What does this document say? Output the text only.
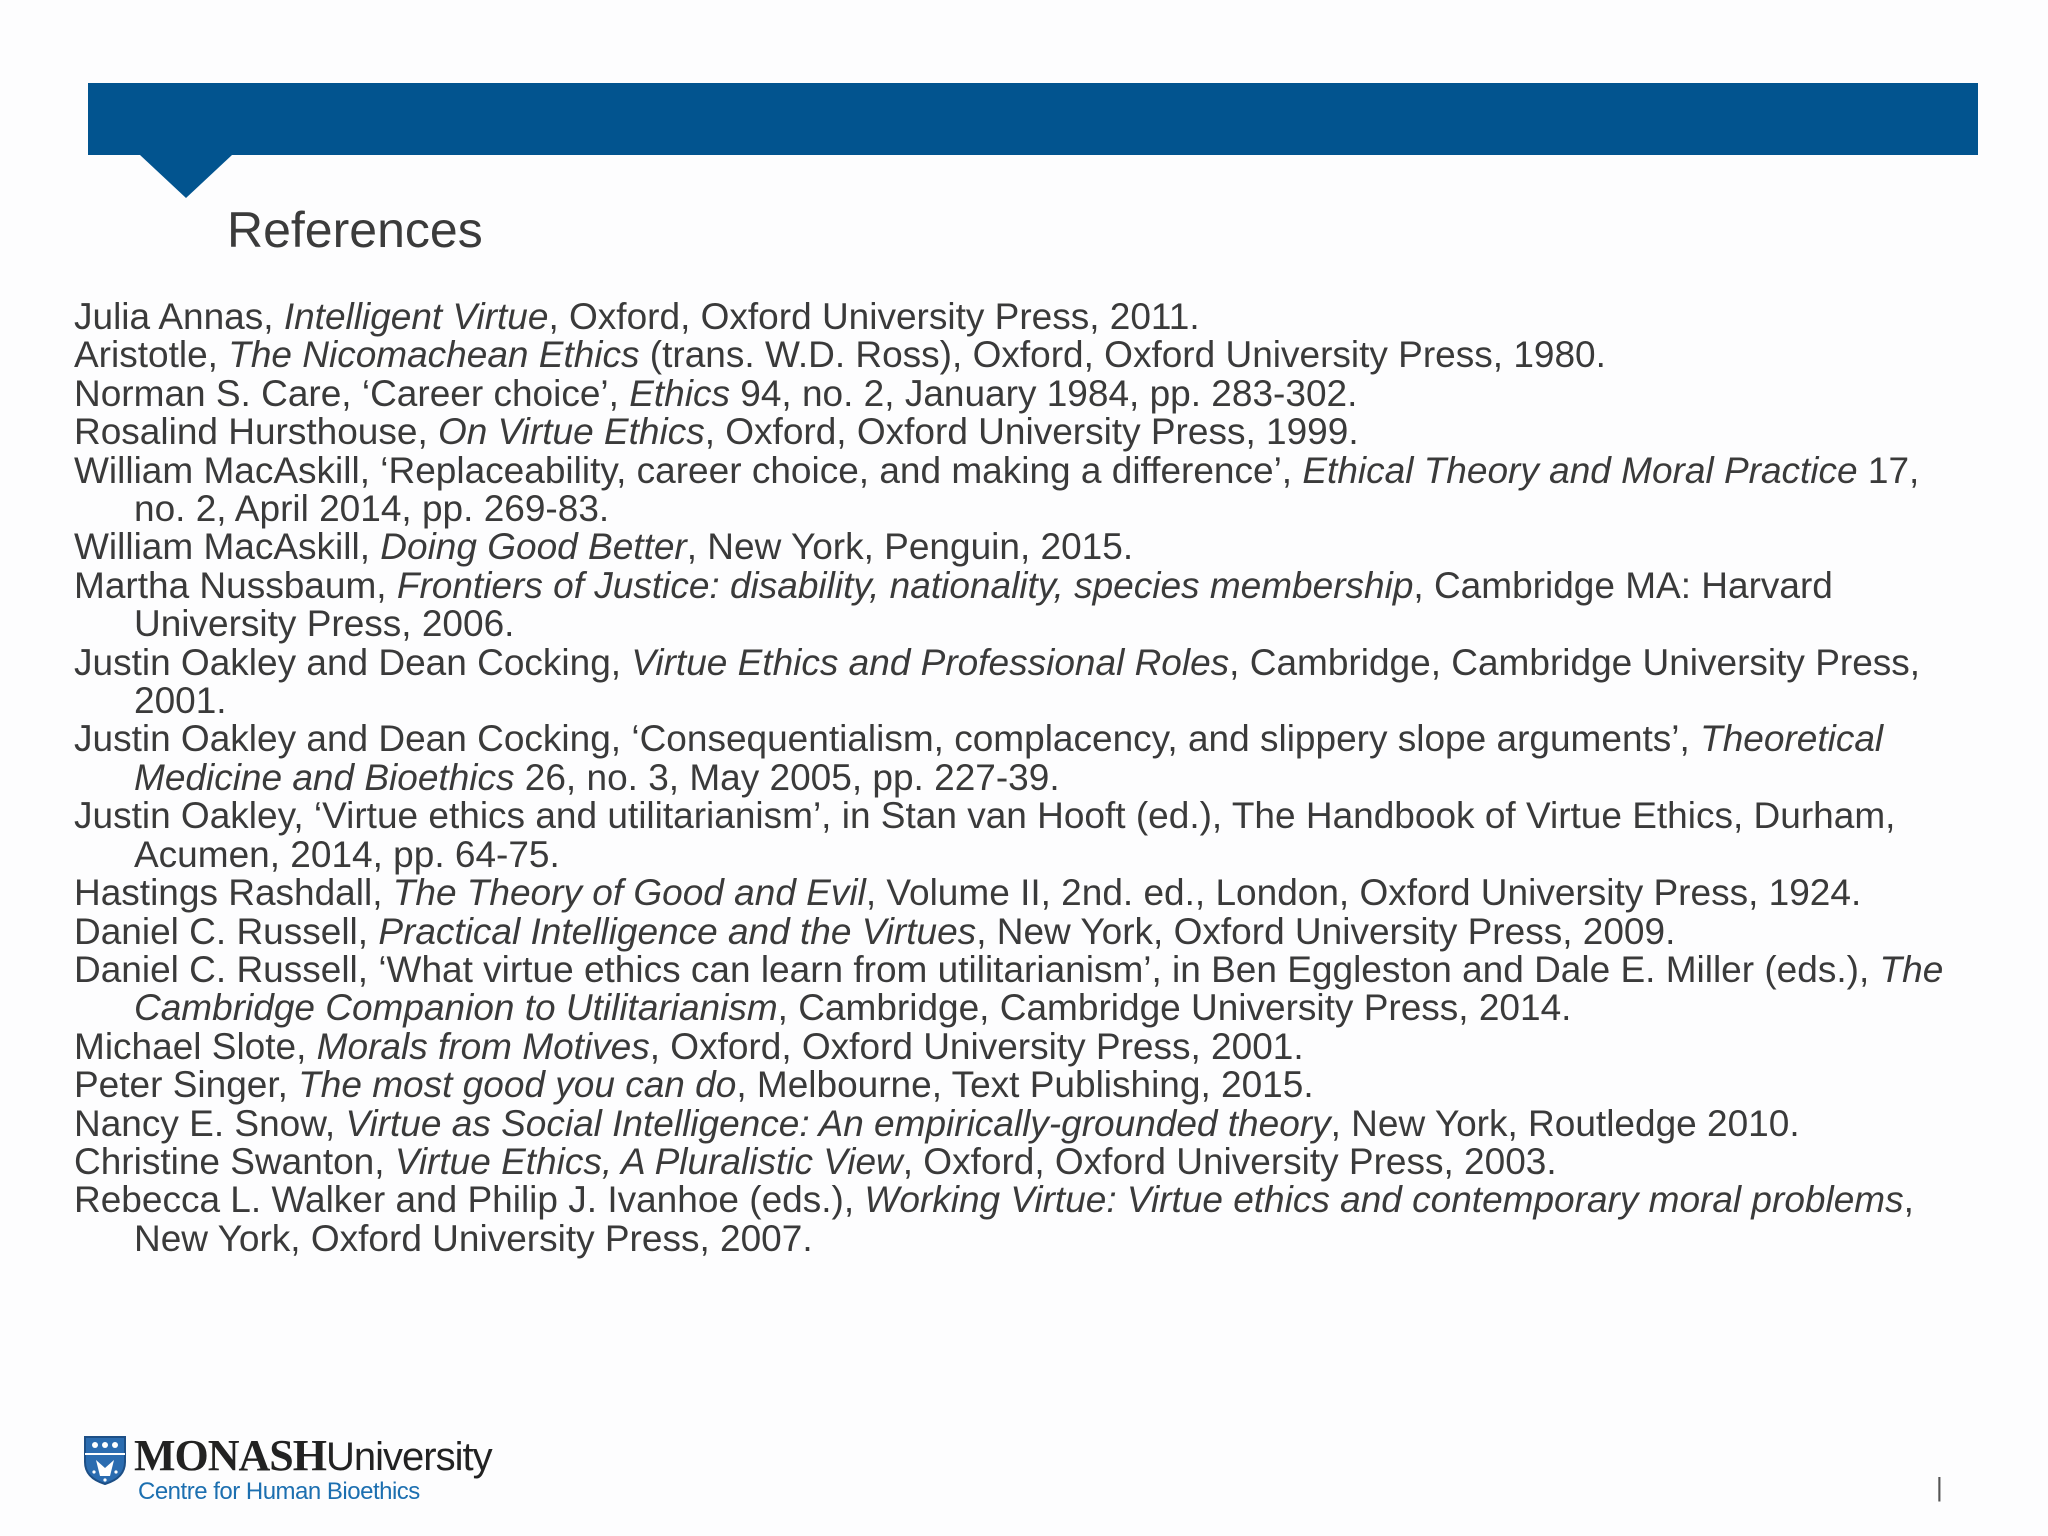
References
Julia Annas, Intelligent Virtue, Oxford, Oxford University Press, 2011.
Aristotle, The Nicomachean Ethics (trans. W.D. Ross), Oxford, Oxford University Press, 1980.
Norman S. Care, ‘Career choice’, Ethics 94, no. 2, January 1984, pp. 283-302.
Rosalind Hursthouse, On Virtue Ethics, Oxford, Oxford University Press, 1999.
William MacAskill, ‘Replaceability, career choice, and making a difference’, Ethical Theory and Moral Practice 17, no. 2, April 2014, pp. 269-83.
William MacAskill, Doing Good Better, New York, Penguin, 2015.
Martha Nussbaum, Frontiers of Justice: disability, nationality, species membership, Cambridge MA: Harvard University Press, 2006.
Justin Oakley and Dean Cocking, Virtue Ethics and Professional Roles, Cambridge, Cambridge University Press, 2001.
Justin Oakley and Dean Cocking, ‘Consequentialism, complacency, and slippery slope arguments’, Theoretical Medicine and Bioethics 26, no. 3, May 2005, pp. 227-39.
Justin Oakley, ‘Virtue ethics and utilitarianism’, in Stan van Hooft (ed.), The Handbook of Virtue Ethics, Durham, Acumen, 2014, pp. 64-75.
Hastings Rashdall, The Theory of Good and Evil, Volume II, 2nd. ed., London, Oxford University Press, 1924.
Daniel C. Russell, Practical Intelligence and the Virtues, New York, Oxford University Press, 2009.
Daniel C. Russell, ‘What virtue ethics can learn from utilitarianism’, in Ben Eggleston and Dale E. Miller (eds.), The Cambridge Companion to Utilitarianism, Cambridge, Cambridge University Press, 2014.
Michael Slote, Morals from Motives, Oxford, Oxford University Press, 2001.
Peter Singer, The most good you can do, Melbourne, Text Publishing, 2015.
Nancy E. Snow, Virtue as Social Intelligence: An empirically-grounded theory, New York, Routledge 2010.
Christine Swanton, Virtue Ethics, A Pluralistic View, Oxford, Oxford University Press, 2003.
Rebecca L. Walker and Philip J. Ivanhoe (eds.), Working Virtue: Virtue ethics and contemporary moral problems, New York, Oxford University Press, 2007.
MONASHUniversity
Centre for Human Bioethics	|
